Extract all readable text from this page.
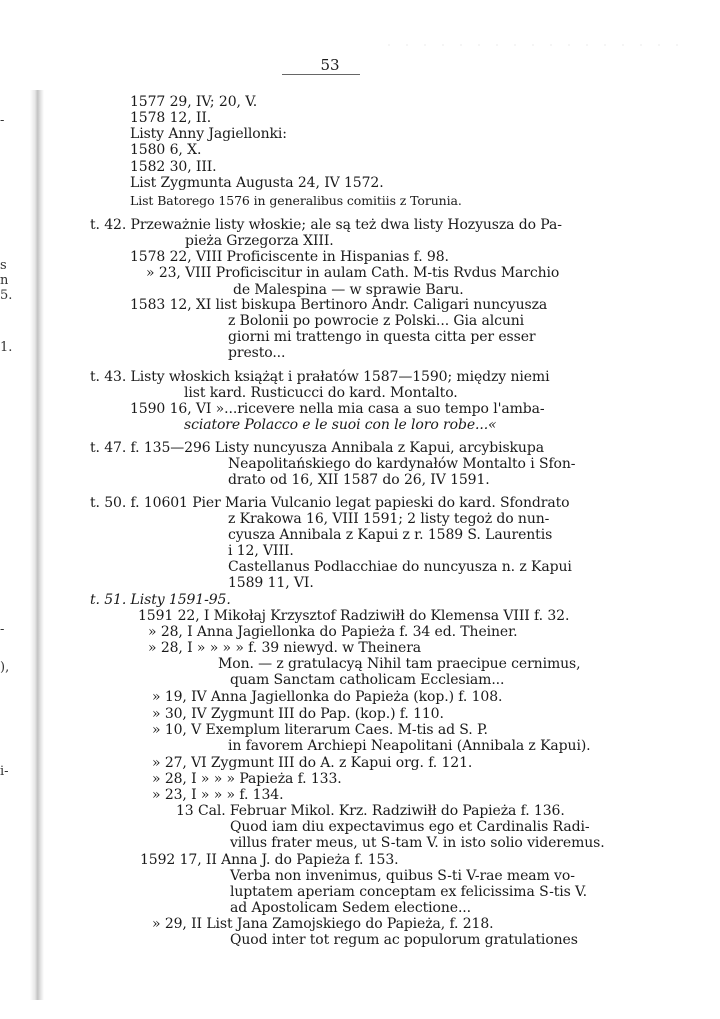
53
-
s
n
5.
1.
-
),
i-
1577 29, IV; 20, V.
1578 12, II.
Listy Anny Jagiellonki:
1580 6, X.
1582 30, III.
List Zygmunta Augusta 24, IV 1572.
List Batorego 1576 in generalibus comitiis z Torunia.
t. 42. Przeważnie listy włoskie; ale są też dwa listy Hozyusza do Pa-
pieża Grzegorza XIII.
1578 22, VIII Proficiscente in Hispanias f. 98.
» 23, VIII Proficiscitur in aulam Cath. M-tis Rvdus Marchio
de Malespina — w sprawie Baru.
1583 12, XI list biskupa Bertinoro Andr. Caligari nuncyusza
z Bolonii po powrocie z Polski... Gia alcuni
giorni mi trattengo in questa citta per esser
presto...
t. 43. Listy włoskich książąt i prałatów 1587—1590; między niemi
list kard. Rusticucci do kard. Montalto.
1590 16, VI »...ricevere nella mia casa a suo tempo l'amba-
sciatore Polacco e le suoi con le loro robe...«
t. 47. f. 135—296 Listy nuncyusza Annibala z Kapui, arcybiskupa
Neapolitańskiego do kardynałów Montalto i Sfon-
drato od 16, XII 1587 do 26, IV 1591.
t. 50. f. 10601 Pier Maria Vulcanio legat papieski do kard. Sfondrato
z Krakowa 16, VIII 1591; 2 listy tegoż do nun-
cyusza Annibala z Kapui z r. 1589 S. Laurentis
i 12, VIII.
Castellanus Podlacchiae do nuncyusza n. z Kapui
1589 11, VI.
t. 51. Listy 1591-95.
1591 22, I Mikołaj Krzysztof Radziwiłł do Klemensa VIII f. 32.
» 28, I Anna Jagiellonka do Papieża f. 34 ed. Theiner.
» 28, I » » » » f. 39 niewyd. w Theinera
Mon. — z gratulacyą Nihil tam praecipue cernimus,
quam Sanctam catholicam Ecclesiam...
» 19, IV Anna Jagiellonka do Papieża (kop.) f. 108.
» 30, IV Zygmunt III do Pap. (kop.) f. 110.
» 10, V Exemplum literarum Caes. M-tis ad S. P.
in favorem Archiepi Neapolitani (Annibala z Kapui).
» 27, VI Zygmunt III do A. z Kapui org. f. 121.
» 28, I » » » Papieża f. 133.
» 23, I » » » f. 134.
13 Cal. Februar Mikol. Krz. Radziwiłł do Papieża f. 136.
Quod iam diu expectavimus ego et Cardinalis Radi-
villus frater meus, ut S-tam V. in isto solio videremus.
1592 17, II Anna J. do Papieża f. 153.
Verba non invenimus, quibus S-ti V-rae meam vo-
luptatem aperiam conceptam ex felicissima S-tis V.
ad Apostolicam Sedem electione...
» 29, II List Jana Zamojskiego do Papieża, f. 218.
Quod inter tot regum ac populorum gratulationes
